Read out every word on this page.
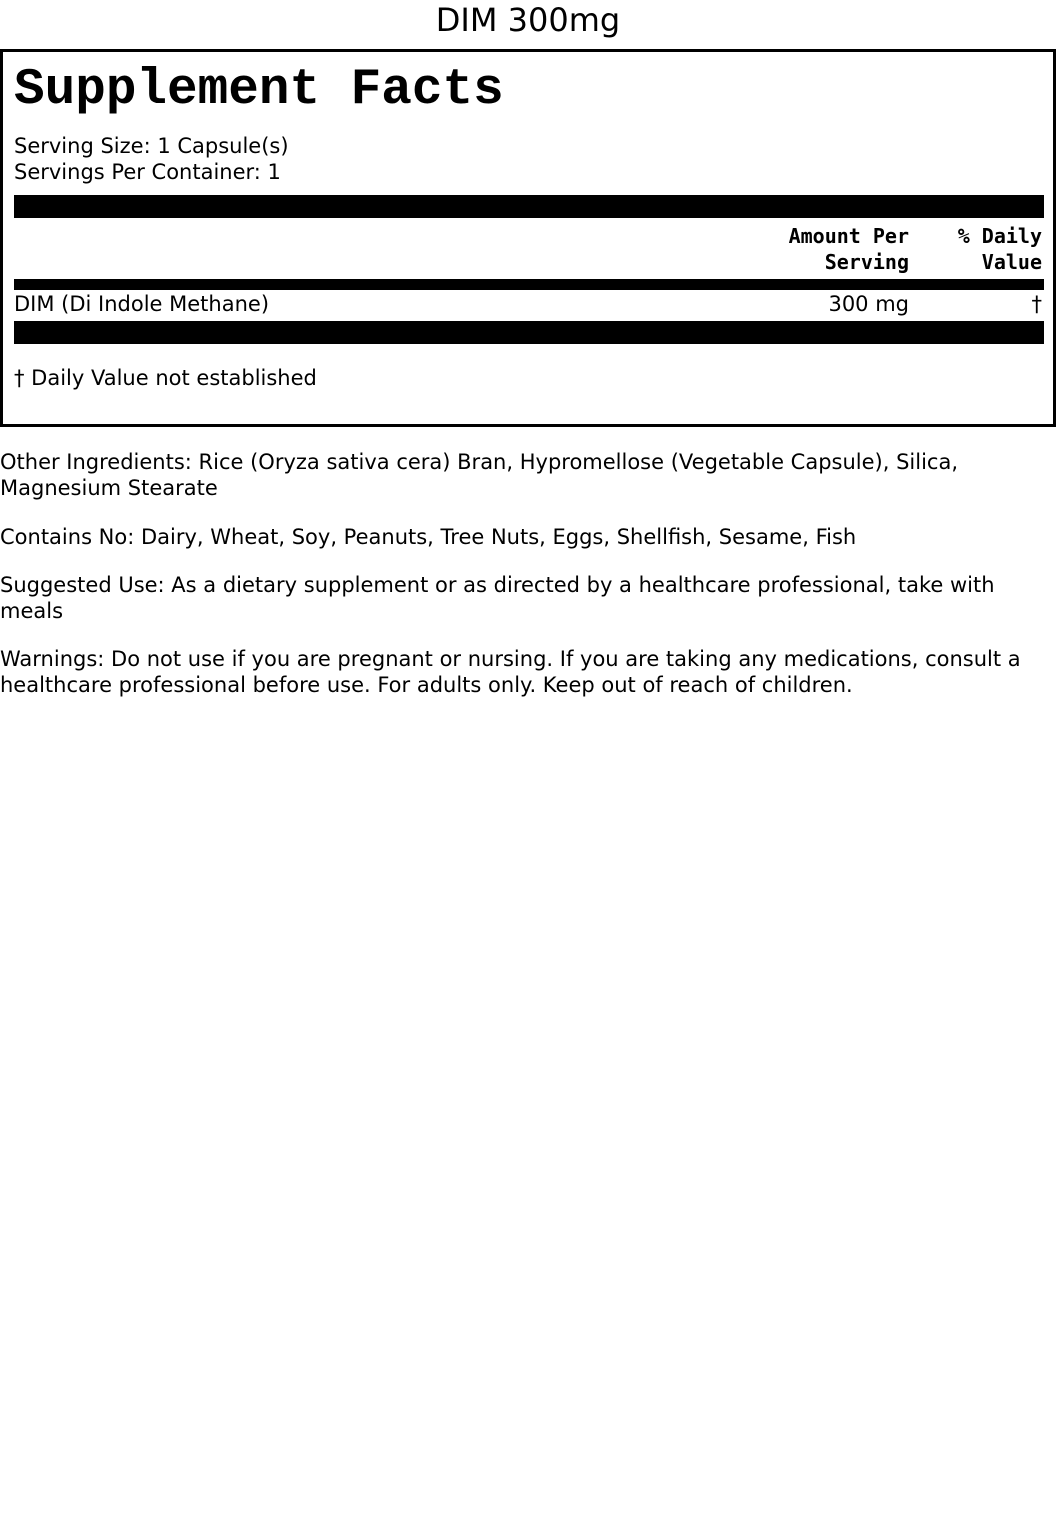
DIM 300mg
Supplement Facts
Serving Size: 1 Capsule(s)
Servings Per Container: 1
Amount Per
Serving
% Daily
Value
DIM (Di Indole Methane)	300 mg	†
† Daily Value not established
Other Ingredients: Rice (Oryza sativa cera) Bran, Hypromellose (Vegetable Capsule), Silica, Magnesium Stearate
Contains No: Dairy, Wheat, Soy, Peanuts, Tree Nuts, Eggs, Shellfish, Sesame, Fish
Suggested Use: As a dietary supplement or as directed by a healthcare professional, take with meals
Warnings: Do not use if you are pregnant or nursing. If you are taking any medications, consult a healthcare professional before use. For adults only. Keep out of reach of children.
